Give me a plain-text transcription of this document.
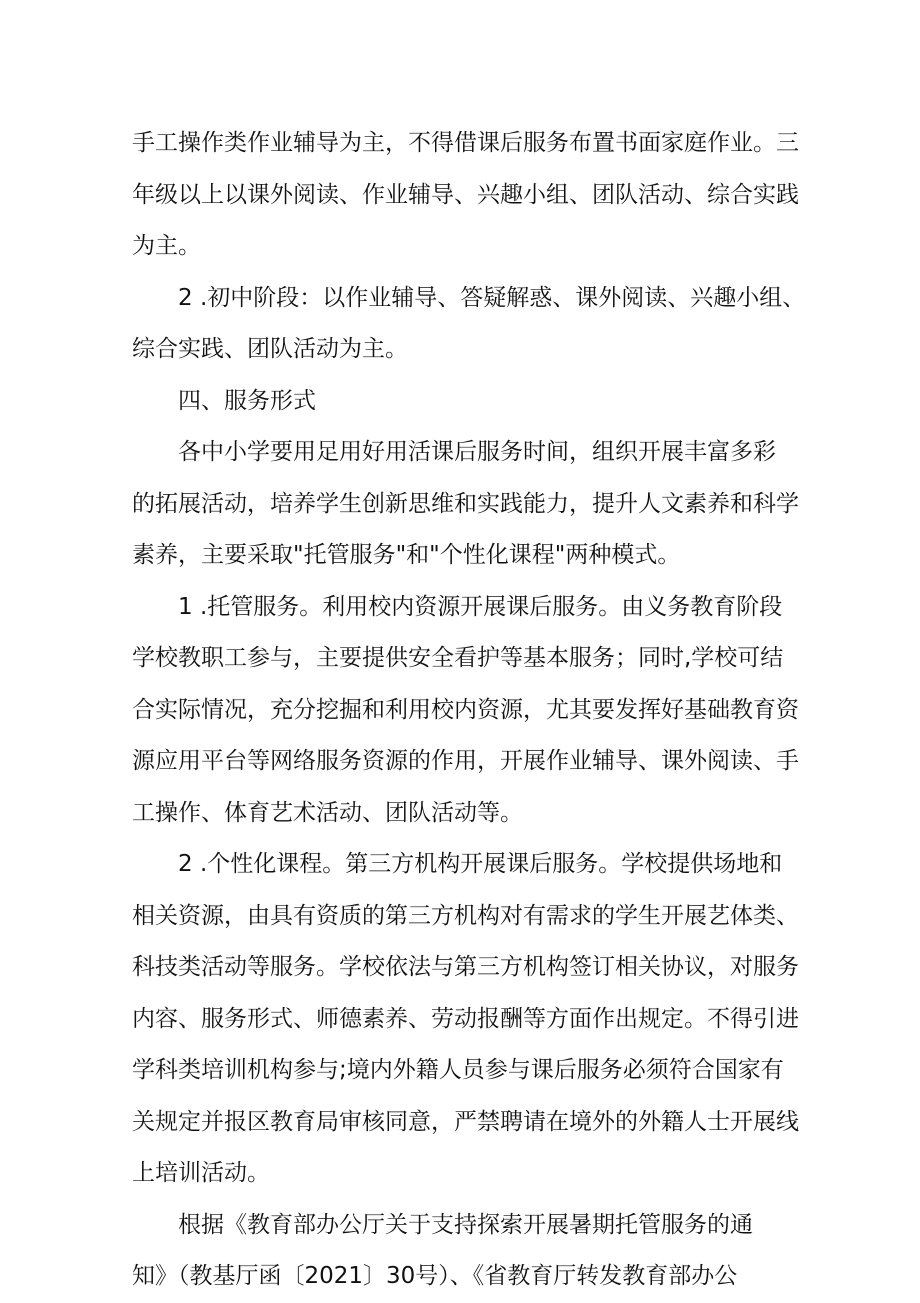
手工操作类作业辅导为主，不得借课后服务布置书面家庭作业。三
年级以上以课外阅读、作业辅导、兴趣小组、团队活动、综合实践
为主。
2 .初中阶段：以作业辅导、答疑解惑、课外阅读、兴趣小组、
综合实践、团队活动为主。
四、服务形式
各中小学要用足用好用活课后服务时间，组织开展丰富多彩
的拓展活动，培养学生创新思维和实践能力，提升人文素养和科学
素养，主要采取"托管服务"和"个性化课程"两种模式。
1 .托管服务。利用校内资源开展课后服务。由义务教育阶段
学校教职工参与，主要提供安全看护等基本服务；同时,学校可结
合实际情况，充分挖掘和利用校内资源，尤其要发挥好基础教育资
源应用平台等网络服务资源的作用，开展作业辅导、课外阅读、手
工操作、体育艺术活动、团队活动等。
2 .个性化课程。第三方机构开展课后服务。学校提供场地和
相关资源，由具有资质的第三方机构对有需求的学生开展艺体类、
科技类活动等服务。学校依法与第三方机构签订相关协议，对服务
内容、服务形式、师德素养、劳动报酬等方面作出规定。不得引进
学科类培训机构参与;境内外籍人员参与课后服务必须符合国家有
关规定并报区教育局审核同意，严禁聘请在境外的外籍人士开展线
上培训活动。
根据《教育部办公厅关于支持探索开展暑期托管服务的通
知》（教基厅函〔2021〕30号）、《省教育厅转发教育部办公
